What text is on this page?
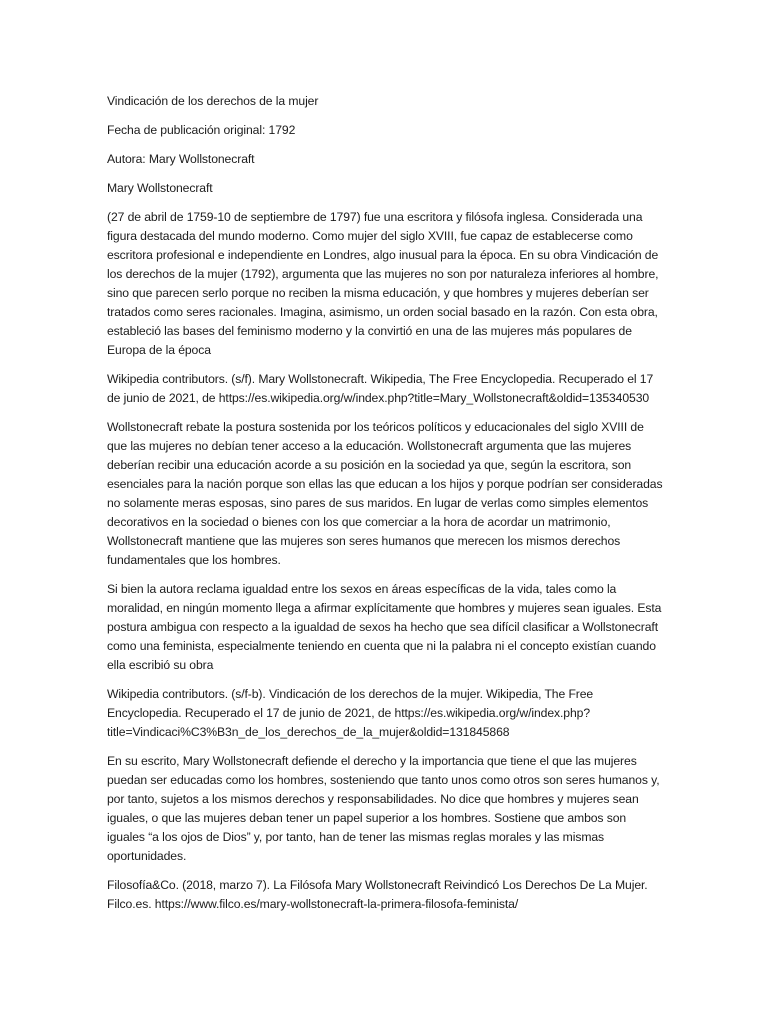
Vindicación de los derechos de la mujer

Fecha de publicación original: 1792

Autora: Mary Wollstonecraft

Mary Wollstonecraft

(27 de abril de 1759-10 de septiembre de 1797) fue una escritora y filósofa inglesa. Considerada una figura destacada del mundo moderno. Como mujer del siglo XVIII, fue capaz de establecerse como escritora profesional e independiente en Londres, algo inusual para la época. En su obra Vindicación de los derechos de la mujer (1792), argumenta que las mujeres no son por naturaleza inferiores al hombre, sino que parecen serlo porque no reciben la misma educación, y que hombres y mujeres deberían ser tratados como seres racionales. Imagina, asimismo, un orden social basado en la razón. Con esta obra, estableció las bases del feminismo moderno y la convirtió en una de las mujeres más populares de Europa de la época

Wikipedia contributors. (s/f). Mary Wollstonecraft. Wikipedia, The Free Encyclopedia. Recuperado el 17 de junio de 2021, de https://es.wikipedia.org/w/index.php?title=Mary_Wollstonecraft&oldid=135340530

Wollstonecraft rebate la postura sostenida por los teóricos políticos y educacionales del siglo XVIII de que las mujeres no debían tener acceso a la educación. Wollstonecraft argumenta que las mujeres deberían recibir una educación acorde a su posición en la sociedad ya que, según la escritora, son esenciales para la nación porque son ellas las que educan a los hijos y porque podrían ser consideradas no solamente meras esposas, sino pares de sus maridos. En lugar de verlas como simples elementos decorativos en la sociedad o bienes con los que comerciar a la hora de acordar un matrimonio, Wollstonecraft mantiene que las mujeres son seres humanos que merecen los mismos derechos fundamentales que los hombres.

Si bien la autora reclama igualdad entre los sexos en áreas específicas de la vida, tales como la moralidad, en ningún momento llega a afirmar explícitamente que hombres y mujeres sean iguales. Esta postura ambigua con respecto a la igualdad de sexos ha hecho que sea difícil clasificar a Wollstonecraft como una feminista, especialmente teniendo en cuenta que ni la palabra ni el concepto existían cuando ella escribió su obra

Wikipedia contributors. (s/f-b). Vindicación de los derechos de la mujer. Wikipedia, The Free Encyclopedia. Recuperado el 17 de junio de 2021, de https://es.wikipedia.org/w/index.php?title=Vindicaci%C3%B3n_de_los_derechos_de_la_mujer&oldid=131845868

En su escrito, Mary Wollstonecraft defiende el derecho y la importancia que tiene el que las mujeres puedan ser educadas como los hombres, sosteniendo que tanto unos como otros son seres humanos y, por tanto, sujetos a los mismos derechos y responsabilidades. No dice que hombres y mujeres sean iguales, o que las mujeres deban tener un papel superior a los hombres. Sostiene que ambos son iguales “a los ojos de Dios” y, por tanto, han de tener las mismas reglas morales y las mismas oportunidades.

Filosofía&Co. (2018, marzo 7). La Filósofa Mary Wollstonecraft Reivindicó Los Derechos De La Mujer. Filco.es. https://www.filco.es/mary-wollstonecraft-la-primera-filosofa-feminista/
